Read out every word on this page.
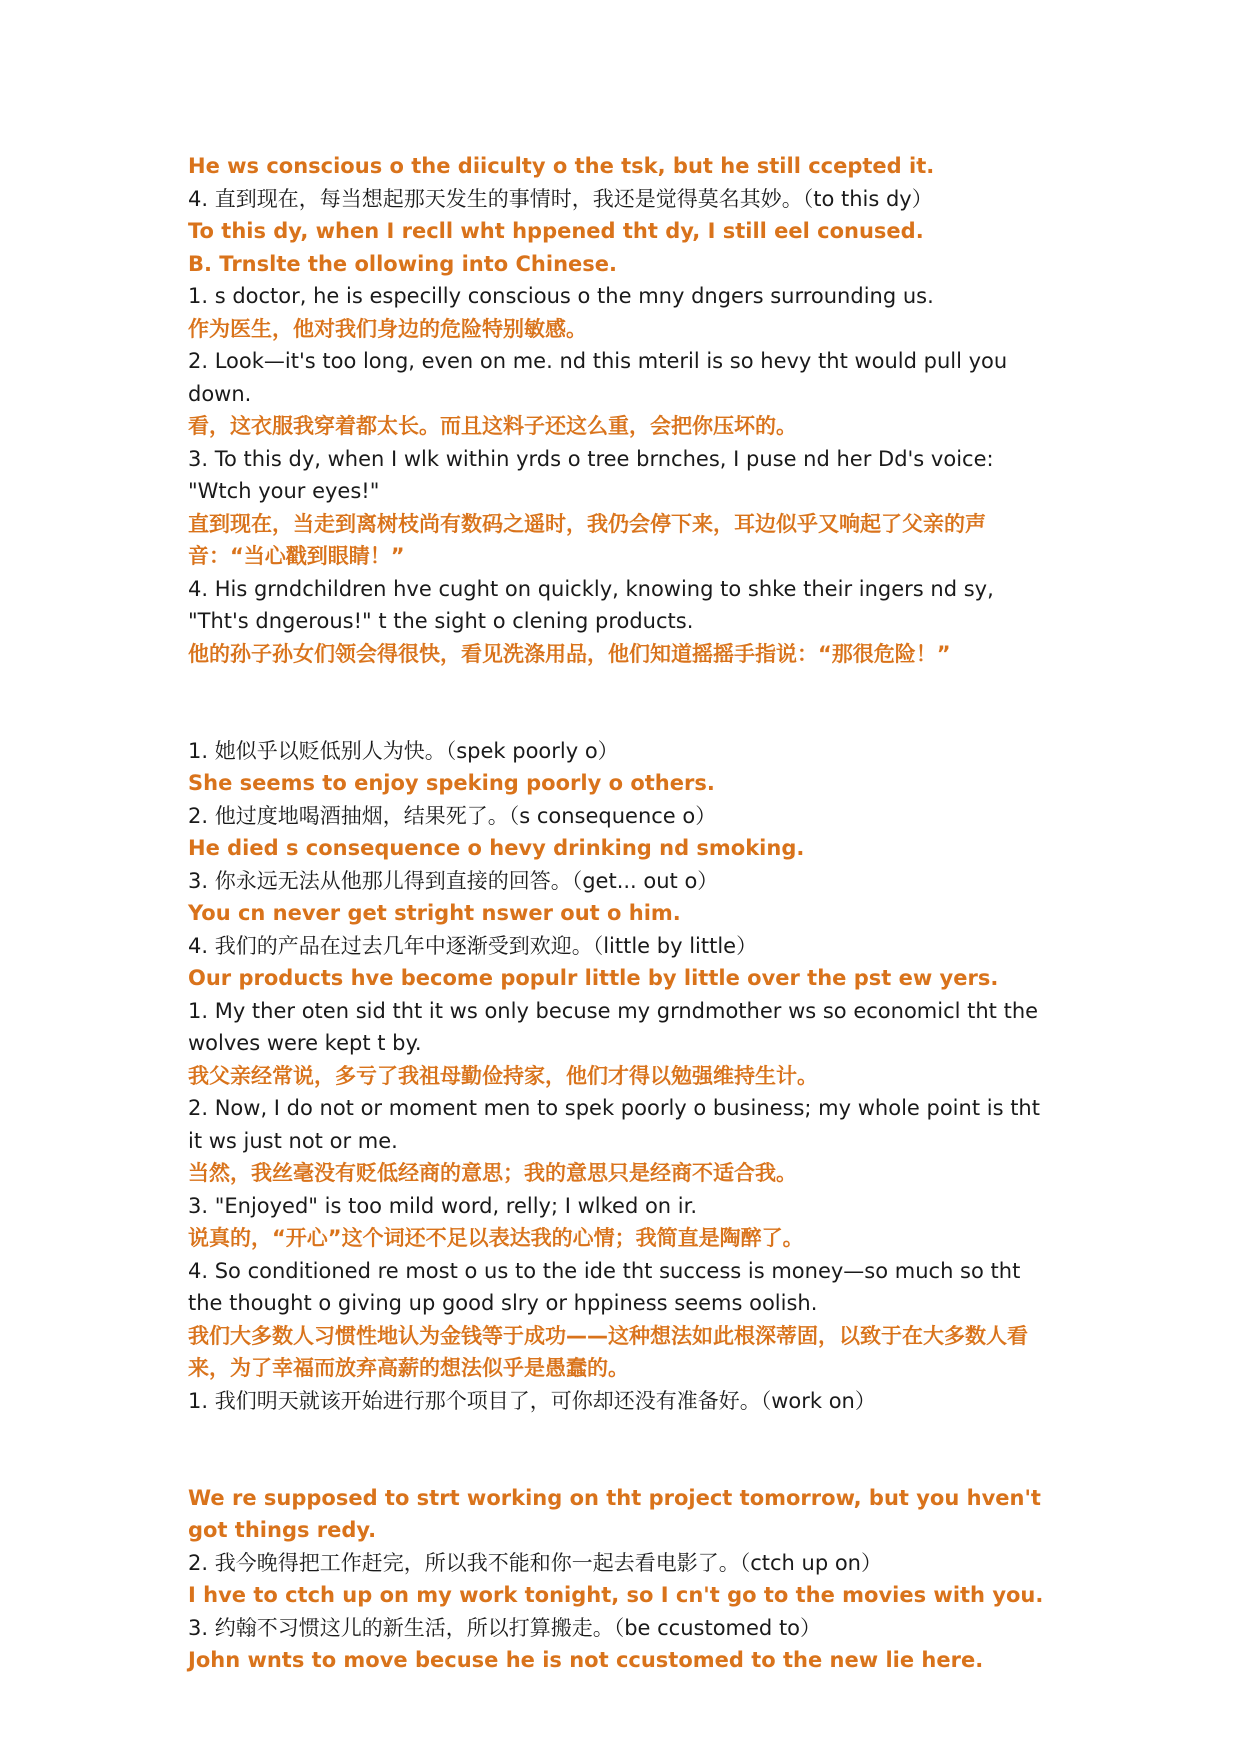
He ws conscious o the diiculty o the tsk, but he still ccepted it.

4. 直到现在，每当想起那天发生的事情时，我还是觉得莫名其妙。（to this dy）

To this dy, when I recll wht hppened tht dy, I still eel conused.

B. Trnslte the ollowing into Chinese.

1. s doctor, he is especilly conscious o the mny dngers surrounding us.

作为医生，他对我们身边的危险特别敏感。

2. Look—it's too long, even on me. nd this mteril is so hevy tht would pull you down.

看，这衣服我穿着都太长。而且这料子还这么重，会把你压坏的。

3. To this dy, when I wlk within yrds o tree brnches, I puse nd her Dd's voice: "Wtch your eyes!"

直到现在，当走到离树枝尚有数码之遥时，我仍会停下来，耳边似乎又响起了父亲的声音：“当心戳到眼睛！”

4. His grndchildren hve cught on quickly, knowing to shke their ingers nd sy, "Tht's dngerous!" t the sight o clening products.

他的孙子孙女们领会得很快，看见洗涤用品，他们知道摇摇手指说：“那很危险！”

1. 她似乎以贬低别人为快。（spek poorly o）

She seems to enjoy speking poorly o others.

2. 他过度地喝酒抽烟，结果死了。（s consequence o）

He died s consequence o hevy drinking nd smoking.

3. 你永远无法从他那儿得到直接的回答。（get... out o）

You cn never get stright nswer out o him.

4. 我们的产品在过去几年中逐渐受到欢迎。（little by little）

Our products hve become populr little by little over the pst ew yers.

1. My ther oten sid tht it ws only becuse my grndmother ws so economicl tht the wolves were kept t by.

我父亲经常说，多亏了我祖母勤俭持家，他们才得以勉强维持生计。

2. Now, I do not or moment men to spek poorly o business; my whole point is tht it ws just not or me.

当然，我丝毫没有贬低经商的意思；我的意思只是经商不适合我。

3. "Enjoyed" is too mild word, relly; I wlked on ir.

说真的，“开心”这个词还不足以表达我的心情；我简直是陶醉了。

4. So conditioned re most o us to the ide tht success is money—so much so tht the thought o giving up good slry or hppiness seems oolish.

我们大多数人习惯性地认为金钱等于成功——这种想法如此根深蒂固，以致于在大多数人看来，为了幸福而放弃高薪的想法似乎是愚蠢的。

1. 我们明天就该开始进行那个项目了，可你却还没有准备好。（work on）

We re supposed to strt working on tht project tomorrow, but you hven't got things redy.

2. 我今晚得把工作赶完，所以我不能和你一起去看电影了。（ctch up on）

I hve to ctch up on my work tonight, so I cn't go to the movies with you.

3. 约翰不习惯这儿的新生活，所以打算搬走。（be ccustomed to）

John wnts to move becuse he is not ccustomed to the new lie here.
